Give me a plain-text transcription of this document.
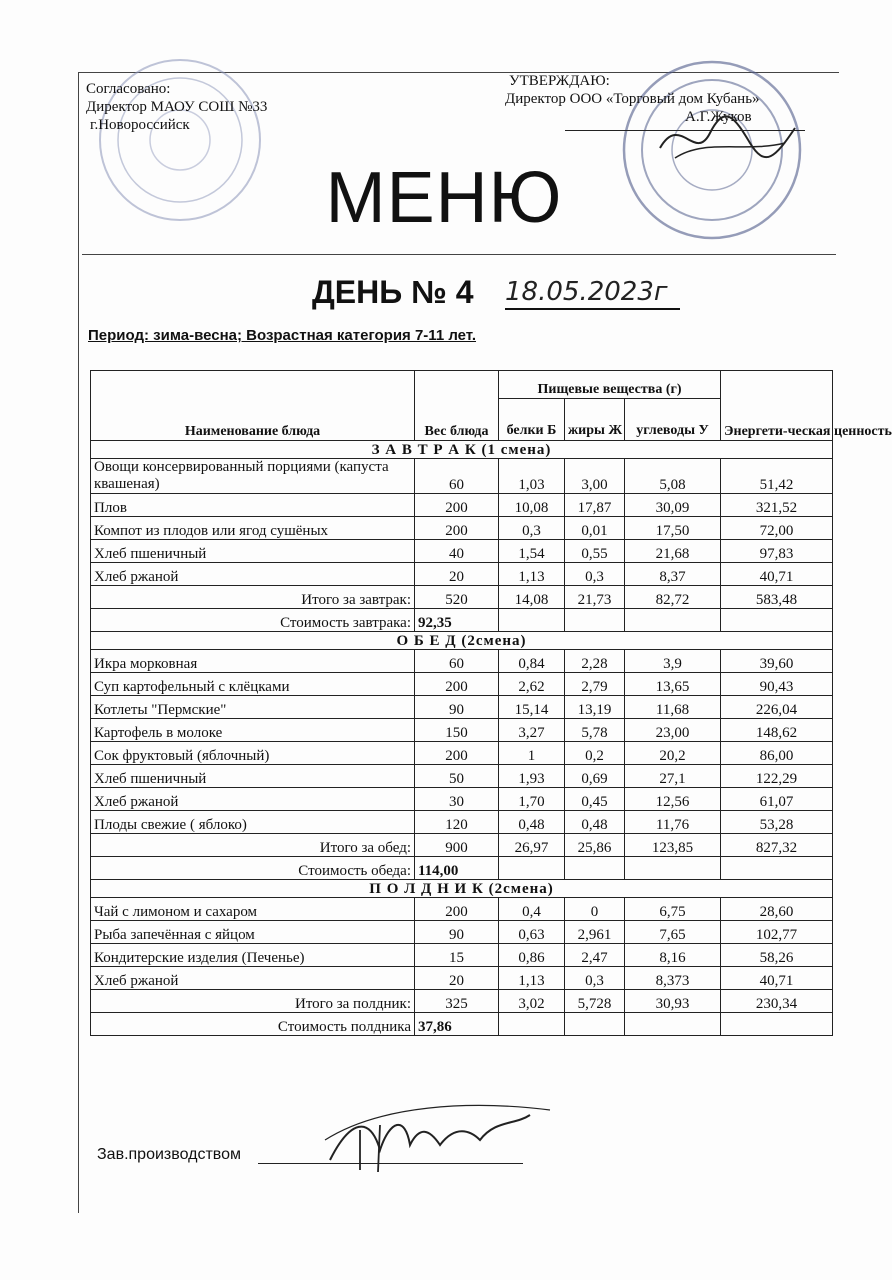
Согласовано:
Директор МАОУ СОШ №33
г.Новороссийск
УТВЕРЖДАЮ:
Директор ООО «Торговый дом Кубань»
А.Г.Жуков
МЕНЮ
ДЕНЬ № 4 18.05.2023г
Период: зима-весна; Возрастная категория 7-11 лет.
Наименование блюда	Вес блюда	Пищевые вещества (г)			Энергети-ческая ценность
		белки Б	жиры Ж	углеводы У	
З А В Т Р А К (1 смена)					
Овощи консервированный порциями (капуста квашеная)	60	1,03	3,00	5,08	51,42
Плов	200	10,08	17,87	30,09	321,52
Компот из плодов или ягод сушёных	200	0,3	0,01	17,50	72,00
Хлеб пшеничный	40	1,54	0,55	21,68	97,83
Хлеб ржаной	20	1,13	0,3	8,37	40,71
Итого за завтрак:	520	14,08	21,73	82,72	583,48
Стоимость завтрака:	92,35				
О Б Е Д (2смена)					
Икра морковная	60	0,84	2,28	3,9	39,60
Суп картофельный с клёцками	200	2,62	2,79	13,65	90,43
Котлеты "Пермские"	90	15,14	13,19	11,68	226,04
Картофель в молоке	150	3,27	5,78	23,00	148,62
Сок фруктовый (яблочный)	200	1	0,2	20,2	86,00
Хлеб пшеничный	50	1,93	0,69	27,1	122,29
Хлеб ржаной	30	1,70	0,45	12,56	61,07
Плоды свежие ( яблоко)	120	0,48	0,48	11,76	53,28
Итого за обед:	900	26,97	25,86	123,85	827,32
Стоимость обеда:	114,00				
П О Л Д Н И К (2смена)					
Чай с лимоном и сахаром	200	0,4	0	6,75	28,60
Рыба запечённая с яйцом	90	0,63	2,961	7,65	102,77
Кондитерские изделия (Печенье)	15	0,86	2,47	8,16	58,26
Хлеб ржаной	20	1,13	0,3	8,373	40,71
Итого за полдник:	325	3,02	5,728	30,93	230,34
Стоимость полдника	37,86				
Зав.производством
